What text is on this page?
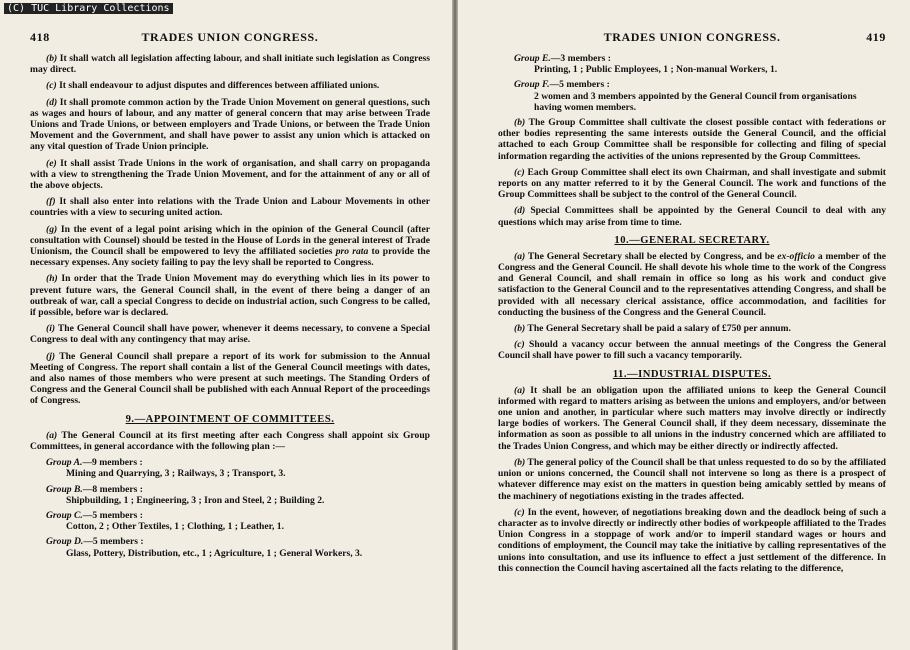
(C) TUC Library Collections
418	TRADES UNION CONGRESS.

(b) It shall watch all legislation affecting labour, and shall initiate such legislation as Congress may direct.

(c) It shall endeavour to adjust disputes and differences between affiliated unions.

(d) It shall promote common action by the Trade Union Movement on general questions, such as wages and hours of labour, and any matter of general concern that may arise between Trade Unions and Trade Unions, or between employers and Trade Unions, or between the Trade Union Movement and the Government, and shall have power to assist any union which is attacked on any vital question of Trade Union principle.

(e) It shall assist Trade Unions in the work of organisation, and shall carry on propaganda with a view to strengthening the Trade Union Movement, and for the attainment of any or all of the above objects.

(f) It shall also enter into relations with the Trade Union and Labour Movements in other countries with a view to securing united action.

(g) In the event of a legal point arising which in the opinion of the General Council (after consultation with Counsel) should be tested in the House of Lords in the general interest of Trade Unionism, the Council shall be empowered to levy the affiliated societies pro rata to provide the necessary expenses. Any society failing to pay the levy shall be reported to Congress.

(h) In order that the Trade Union Movement may do everything which lies in its power to prevent future wars, the General Council shall, in the event of there being a danger of an outbreak of war, call a special Congress to decide on industrial action, such Congress to be called, if possible, before war is declared.

(i) The General Council shall have power, whenever it deems necessary, to convene a Special Congress to deal with any contingency that may arise.

(j) The General Council shall prepare a report of its work for submission to the Annual Meeting of Congress. The report shall contain a list of the General Council meetings with dates, and also names of those members who were present at such meetings. The Standing Orders of Congress and the General Council shall be published with each Annual Report of the proceedings of Congress.

9.—APPOINTMENT OF COMMITTEES.

(a) The General Council at its first meeting after each Congress shall appoint six Group Committees, in general accordance with the following plan :—

Group A.—9 members :
Mining and Quarrying, 3 ; Railways, 3 ; Transport, 3.
Group B.—8 members :
Shipbuilding, 1 ; Engineering, 3 ; Iron and Steel, 2 ; Building 2.
Group C.—5 members :
Cotton, 2 ; Other Textiles, 1 ; Clothing, 1 ; Leather, 1.
Group D.—5 members :
Glass, Pottery, Distribution, etc., 1 ; Agriculture, 1 ; General Workers, 3.
TRADES UNION CONGRESS.	419
Group E.—3 members :
Printing, 1 ; Public Employees, 1 ; Non-manual Workers, 1.
Group F.—5 members :
2 women and 3 members appointed by the General Council from organisations having women members.

(b) The Group Committee shall cultivate the closest possible contact with federations or other bodies representing the same interests outside the General Council, and the official attached to each Group Committee shall be responsible for collecting and filing of special information regarding the activities of the unions represented by the Group Committees.

(c) Each Group Committee shall elect its own Chairman, and shall investigate and submit reports on any matter referred to it by the General Council. The work and functions of the Group Committees shall be subject to the control of the General Council.

(d) Special Committees shall be appointed by the General Council to deal with any questions which may arise from time to time.

10.—GENERAL SECRETARY.

(a) The General Secretary shall be elected by Congress, and be ex-officio a member of the Congress and the General Council. He shall devote his whole time to the work of the Congress and General Council, and shall remain in office so long as his work and conduct give satisfaction to the General Council and to the representatives attending Congress, and shall be provided with all necessary clerical assistance, office accommodation, and facilities for conducting the business of the Congress and the General Council.

(b) The General Secretary shall be paid a salary of £750 per annum.

(c) Should a vacancy occur between the annual meetings of the Congress the General Council shall have power to fill such a vacancy temporarily.

11.—INDUSTRIAL DISPUTES.

(a) It shall be an obligation upon the affiliated unions to keep the General Council informed with regard to matters arising as between the unions and employers, and/or between one union and another, in particular where such matters may involve directly or indirectly large bodies of workers. The General Council shall, if they deem necessary, disseminate the information as soon as possible to all unions in the industry concerned which are affiliated to the Trades Union Congress, and which may be either directly or indirectly affected.

(b) The general policy of the Council shall be that unless requested to do so by the affiliated union or unions concerned, the Council shall not intervene so long as there is a prospect of whatever difference may exist on the matters in question being amicably settled by means of the machinery of negotiations existing in the trades affected.

(c) In the event, however, of negotiations breaking down and the deadlock being of such a character as to involve directly or indirectly other bodies of workpeople affiliated to the Trades Union Congress in a stoppage of work and/or to imperil standard wages or hours and conditions of employment, the Council may take the initiative by calling representatives of the unions into consultation, and use its influence to effect a just settlement of the difference. In this connection the Council having ascertained all the facts relating to the difference,
